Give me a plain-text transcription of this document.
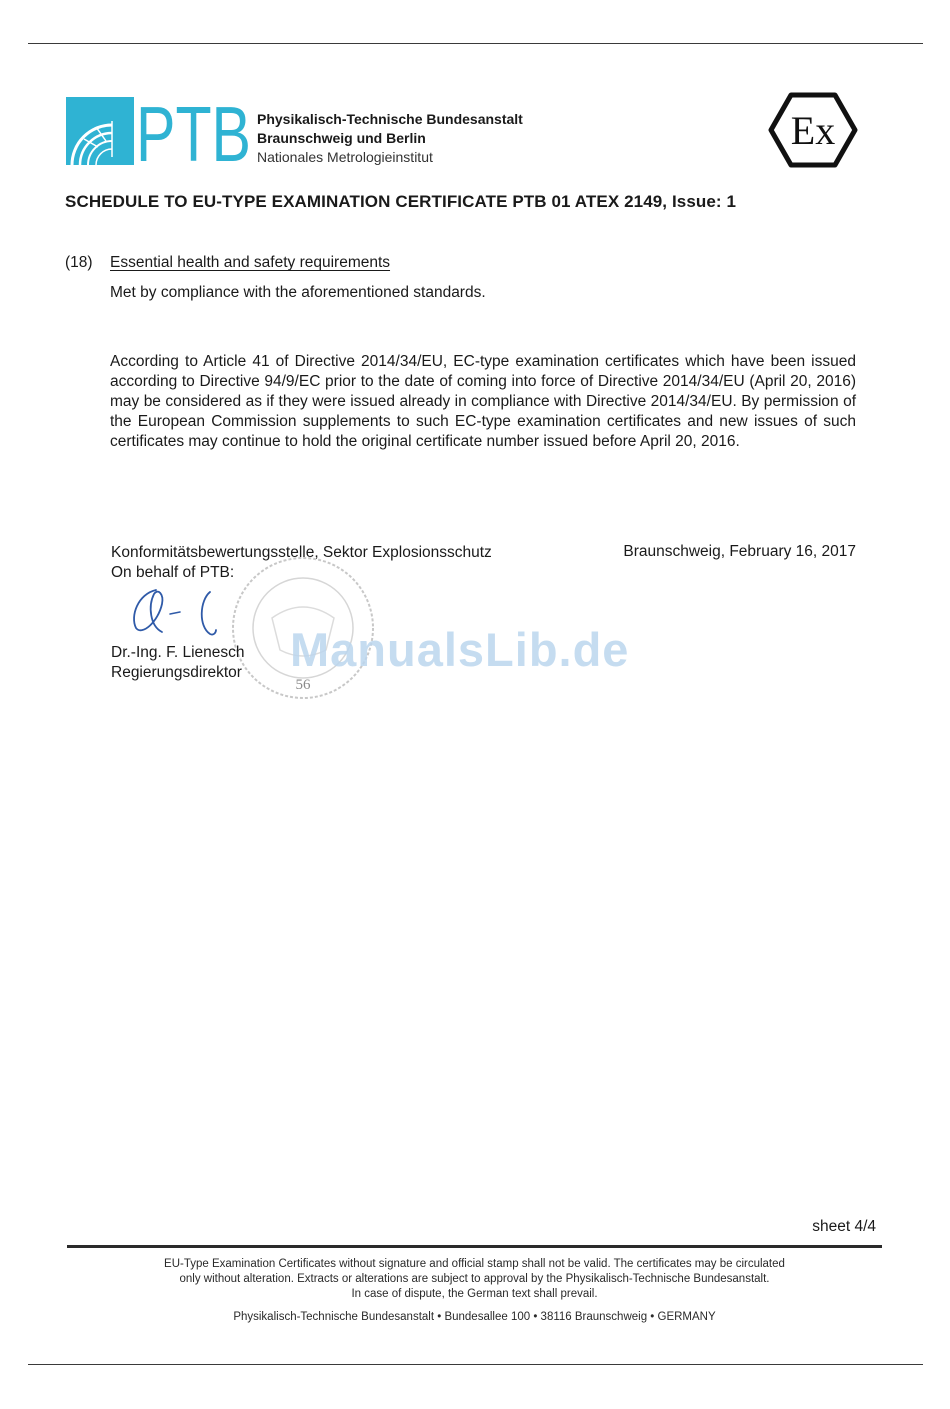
PTB Physikalisch-Technische Bundesanstalt
Braunschweig und Berlin
Nationales Metrologieinstitut
Ex
SCHEDULE TO EU-TYPE EXAMINATION CERTIFICATE PTB 01 ATEX 2149, Issue: 1
(18) Essential health and safety requirements
Met by compliance with the aforementioned standards.
According to Article 41 of Directive 2014/34/EU, EC-type examination certificates which have been issued according to Directive 94/9/EC prior to the date of coming into force of Directive 2014/34/EU (April 20, 2016) may be considered as if they were issued already in compliance with Directive 2014/34/EU. By permission of the European Commission supplements to such EC-type examination certificates and new issues of such certificates may continue to hold the original certificate number issued before April 20, 2016.
Konformitätsbewertungsstelle, Sektor Explosionsschutz
On behalf of PTB:
Braunschweig, February 16, 2017
56
Dr.-Ing. F. Lienesch
Regierungsdirektor ManualsLib.de
sheet 4/4
EU-Type Examination Certificates without signature and official stamp shall not be valid. The certificates may be circulated
only without alteration. Extracts or alterations are subject to approval by the Physikalisch-Technische Bundesanstalt.
In case of dispute, the German text shall prevail.
Physikalisch-Technische Bundesanstalt • Bundesallee 100 • 38116 Braunschweig • GERMANY
